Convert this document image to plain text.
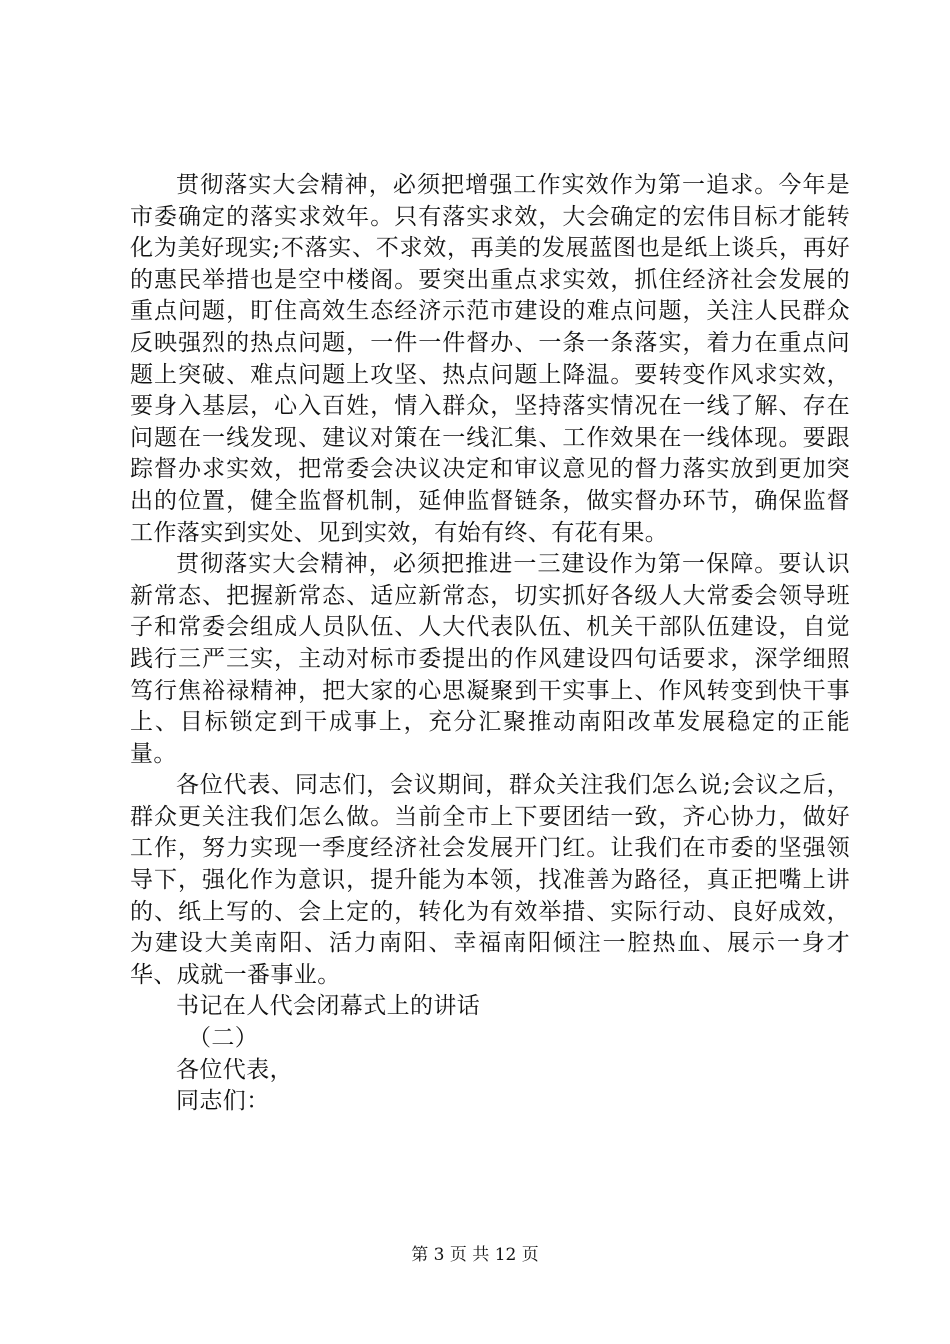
贯彻落实大会精神，必须把增强工作实效作为第一追求。今年是市委确定的落实求效年。只有落实求效，大会确定的宏伟目标才能转化为美好现实;不落实、不求效，再美的发展蓝图也是纸上谈兵，再好的惠民举措也是空中楼阁。要突出重点求实效，抓住经济社会发展的重点问题，盯住高效生态经济示范市建设的难点问题，关注人民群众反映强烈的热点问题，一件一件督办、一条一条落实，着力在重点问题上突破、难点问题上攻坚、热点问题上降温。要转变作风求实效，要身入基层，心入百姓，情入群众，坚持落实情况在一线了解、存在问题在一线发现、建议对策在一线汇集、工作效果在一线体现。要跟踪督办求实效，把常委会决议决定和审议意见的督力落实放到更加突出的位置，健全监督机制，延伸监督链条，做实督办环节，确保监督工作落实到实处、见到实效，有始有终、有花有果。

贯彻落实大会精神，必须把推进一三建设作为第一保障。要认识新常态、把握新常态、适应新常态，切实抓好各级人大常委会领导班子和常委会组成人员队伍、人大代表队伍、机关干部队伍建设，自觉践行三严三实，主动对标市委提出的作风建设四句话要求，深学细照笃行焦裕禄精神，把大家的心思凝聚到干实事上、作风转变到快干事上、目标锁定到干成事上，充分汇聚推动南阳改革发展稳定的正能量。

各位代表、同志们，会议期间，群众关注我们怎么说;会议之后，群众更关注我们怎么做。当前全市上下要团结一致，齐心协力，做好工作，努力实现一季度经济社会发展开门红。让我们在市委的坚强领导下，强化作为意识，提升能为本领，找准善为路径，真正把嘴上讲的、纸上写的、会上定的，转化为有效举措、实际行动、良好成效，为建设大美南阳、活力南阳、幸福南阳倾注一腔热血、展示一身才华、成就一番事业。

书记在人代会闭幕式上的讲话

（二）

各位代表，

同志们：

第 3 页 共 12 页
